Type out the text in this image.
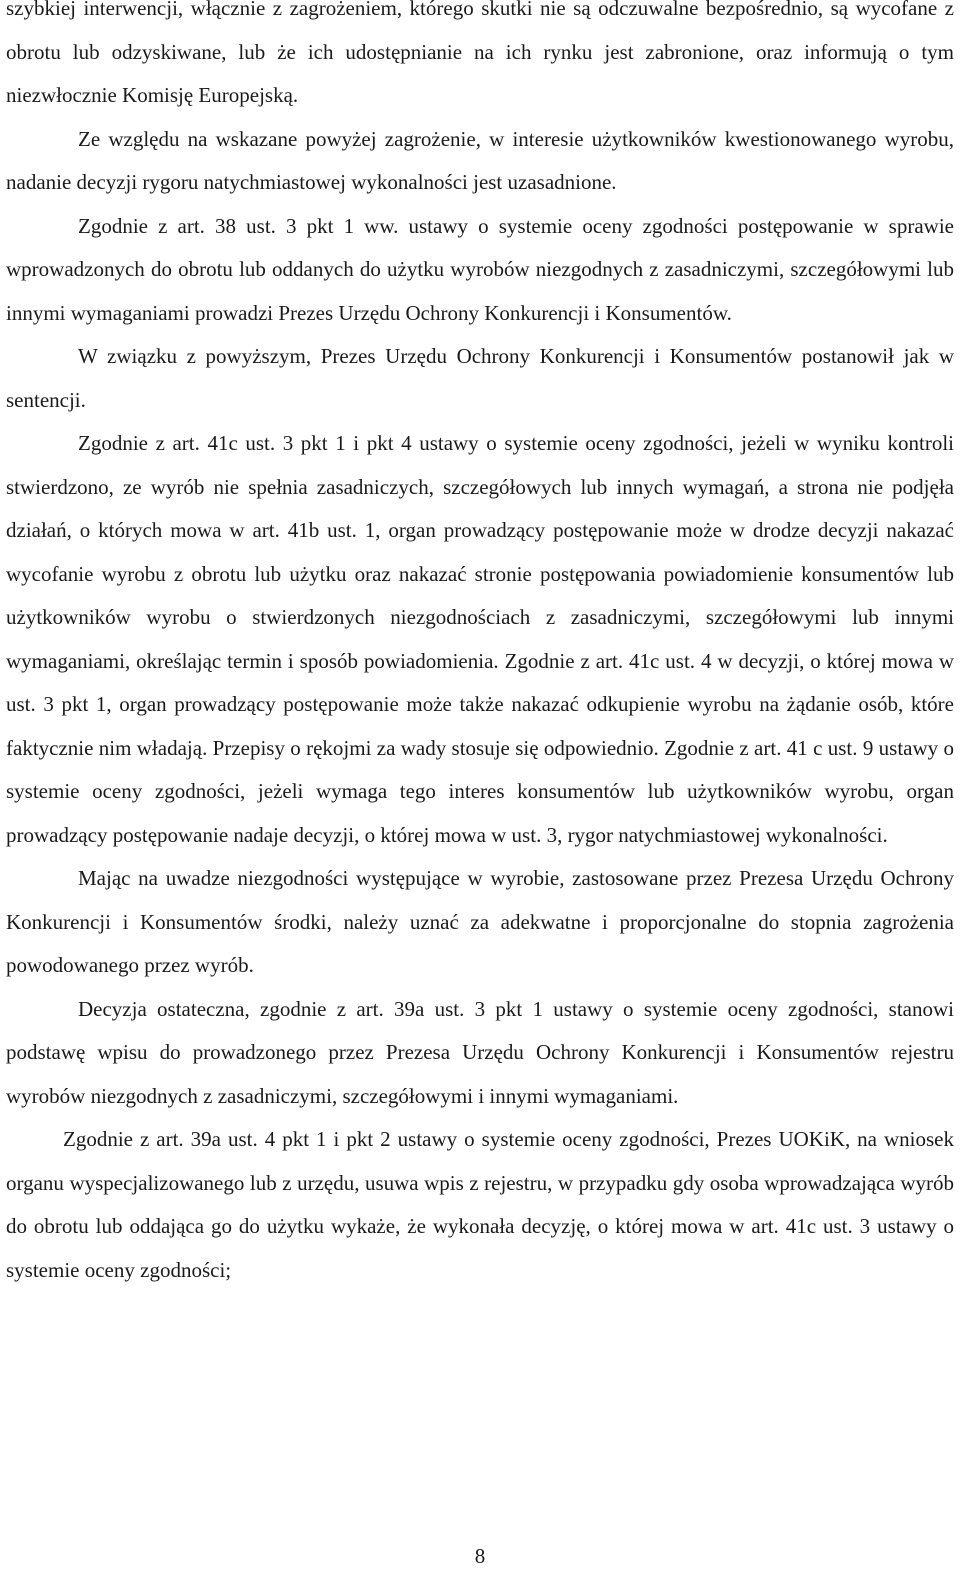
szybkiej interwencji, włącznie z zagrożeniem, którego skutki nie są odczuwalne bezpośrednio, są wycofane z obrotu lub odzyskiwane, lub że ich udostępnianie na ich rynku jest zabronione, oraz informują o tym niezwłocznie Komisję Europejską.

Ze względu na wskazane powyżej zagrożenie, w interesie użytkowników kwestionowanego wyrobu, nadanie decyzji rygoru natychmiastowej wykonalności jest uzasadnione.

Zgodnie z art. 38 ust. 3 pkt 1 ww. ustawy o systemie oceny zgodności postępowanie w sprawie wprowadzonych do obrotu lub oddanych do użytku wyrobów niezgodnych z zasadniczymi, szczegółowymi lub innymi wymaganiami prowadzi Prezes Urzędu Ochrony Konkurencji i Konsumentów.

W związku z powyższym, Prezes Urzędu Ochrony Konkurencji i Konsumentów postanowił jak w sentencji.

Zgodnie z art. 41c ust. 3 pkt 1 i pkt 4 ustawy o systemie oceny zgodności, jeżeli w wyniku kontroli stwierdzono, ze wyrób nie spełnia zasadniczych, szczegółowych lub innych wymagań, a strona nie podjęła działań, o których mowa w art. 41b ust. 1, organ prowadzący postępowanie może w drodze decyzji nakazać wycofanie wyrobu z obrotu lub użytku oraz nakazać stronie postępowania powiadomienie konsumentów lub użytkowników wyrobu o stwierdzonych niezgodnościach z zasadniczymi, szczegółowymi lub innymi wymaganiami, określając termin i sposób powiadomienia. Zgodnie z art. 41c ust. 4 w decyzji, o której mowa w ust. 3 pkt 1, organ prowadzący postępowanie może także nakazać odkupienie wyrobu na żądanie osób, które faktycznie nim władają. Przepisy o rękojmi za wady stosuje się odpowiednio. Zgodnie z art. 41 c ust. 9 ustawy o systemie oceny zgodności, jeżeli wymaga tego interes konsumentów lub użytkowników wyrobu, organ prowadzący postępowanie nadaje decyzji, o której mowa w ust. 3, rygor natychmiastowej wykonalności.

Mając na uwadze niezgodności występujące w wyrobie, zastosowane przez Prezesa Urzędu Ochrony Konkurencji i Konsumentów środki, należy uznać za adekwatne i proporcjonalne do stopnia zagrożenia powodowanego przez wyrób.

Decyzja ostateczna, zgodnie z art. 39a ust. 3 pkt 1 ustawy o systemie oceny zgodności, stanowi podstawę wpisu do prowadzonego przez Prezesa Urzędu Ochrony Konkurencji i Konsumentów rejestru wyrobów niezgodnych z zasadniczymi, szczegółowymi i innymi wymaganiami.

Zgodnie z art. 39a ust. 4 pkt 1 i pkt 2 ustawy o systemie oceny zgodności, Prezes UOKiK, na wniosek organu wyspecjalizowanego lub z urzędu, usuwa wpis z rejestru, w przypadku gdy osoba wprowadzająca wyrób do obrotu lub oddająca go do użytku wykaże, że wykonała decyzję, o której mowa w art. 41c ust. 3 ustawy o systemie oceny zgodności;

8
